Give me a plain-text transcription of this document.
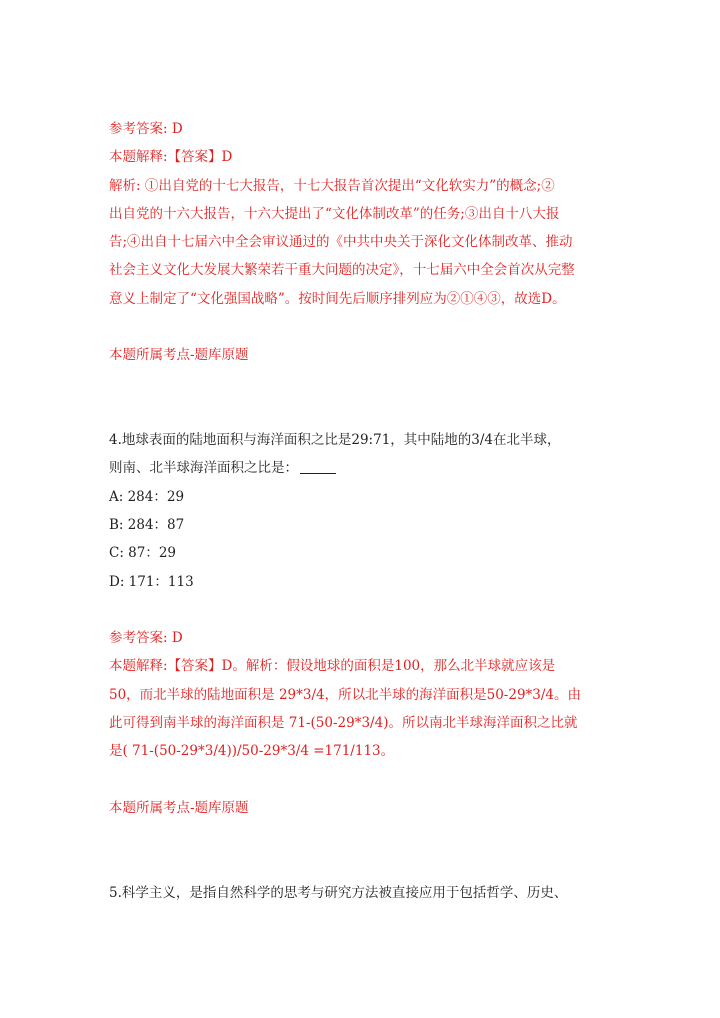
参考答案: D
本题解释:【答案】D
解析: ①出自党的十七大报告，十七大报告首次提出“文化软实力”的概念;②
出自党的十六大报告，十六大提出了“文化体制改革”的任务;③出自十八大报
告;④出自十七届六中全会审议通过的《中共中央关于深化文化体制改革、推动
社会主义文化大发展大繁荣若干重大问题的决定》，十七届六中全会首次从完整
意义上制定了“文化强国战略”。按时间先后顺序排列应为②①④③，故选D。
本题所属考点-题库原题
4.地球表面的陆地面积与海洋面积之比是29:71，其中陆地的3/4在北半球，
则南、北半球海洋面积之比是：
A: 284：29
B: 284：87
C: 87：29
D: 171：113
参考答案: D
本题解释:【答案】D。解析：假设地球的面积是100，那么北半球就应该是
50，而北半球的陆地面积是 29*3/4，所以北半球的海洋面积是50-29*3/4。由
此可得到南半球的海洋面积是 71-(50-29*3/4)。所以南北半球海洋面积之比就
是( 71-(50-29*3/4))/50-29*3/4 =171/113。
本题所属考点-题库原题
5.科学主义，是指自然科学的思考与研究方法被直接应用于包括哲学、历史、
